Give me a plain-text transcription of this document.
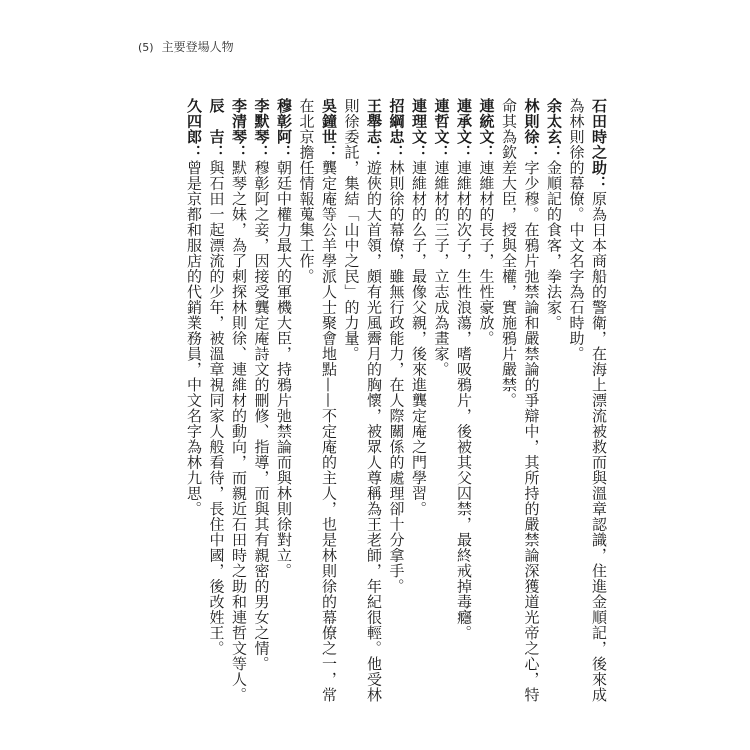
(5) 主要登場人物

石田時之助：原為日本商船的警衛，在海上漂流被救而與溫章認識，住進金順記，後來成為林則徐的幕僚。中文名字為石時助。

余太玄：金順記的食客，拳法家。

林則徐：字少穆。在鴉片弛禁論和嚴禁論的爭辯中，其所持的嚴禁論深獲道光帝之心，特命其為欽差大臣，授與全權，實施鴉片嚴禁。

連統文：連維材的長子，生性豪放。

連承文：連維材的次子，生性浪蕩，嗜吸鴉片，後被其父囚禁，最終戒掉毒癮。

連哲文：連維材的三子，立志成為畫家。

連理文：連維材的么子，最像父親，後來進龔定庵之門學習。

招綱忠：林則徐的幕僚，雖無行政能力，在人際關係的處理卻十分拿手。

王舉志：遊俠的大首領，頗有光風霽月的胸懷，被眾人尊稱為王老師，年紀很輕。他受林則徐委託，集結「山中之民」的力量。

吳鐘世：龔定庵等公羊學派人士聚會地點——不定庵的主人，也是林則徐的幕僚之一，常在北京擔任情報蒐集工作。

穆彰阿：朝廷中權力最大的軍機大臣，持鴉片弛禁論而與林則徐對立。

李默琴：穆彰阿之妾，因接受龔定庵詩文的刪修、指導，而與其有親密的男女之情。

李清琴：默琴之妹，為了刺探林則徐、連維材的動向，而親近石田時之助和連哲文等人。

辰　吉：與石田一起漂流的少年，被溫章視同家人般看待，長住中國，後改姓王。

久四郎：曾是京都和服店的代銷業務員，中文名字為林九思。
